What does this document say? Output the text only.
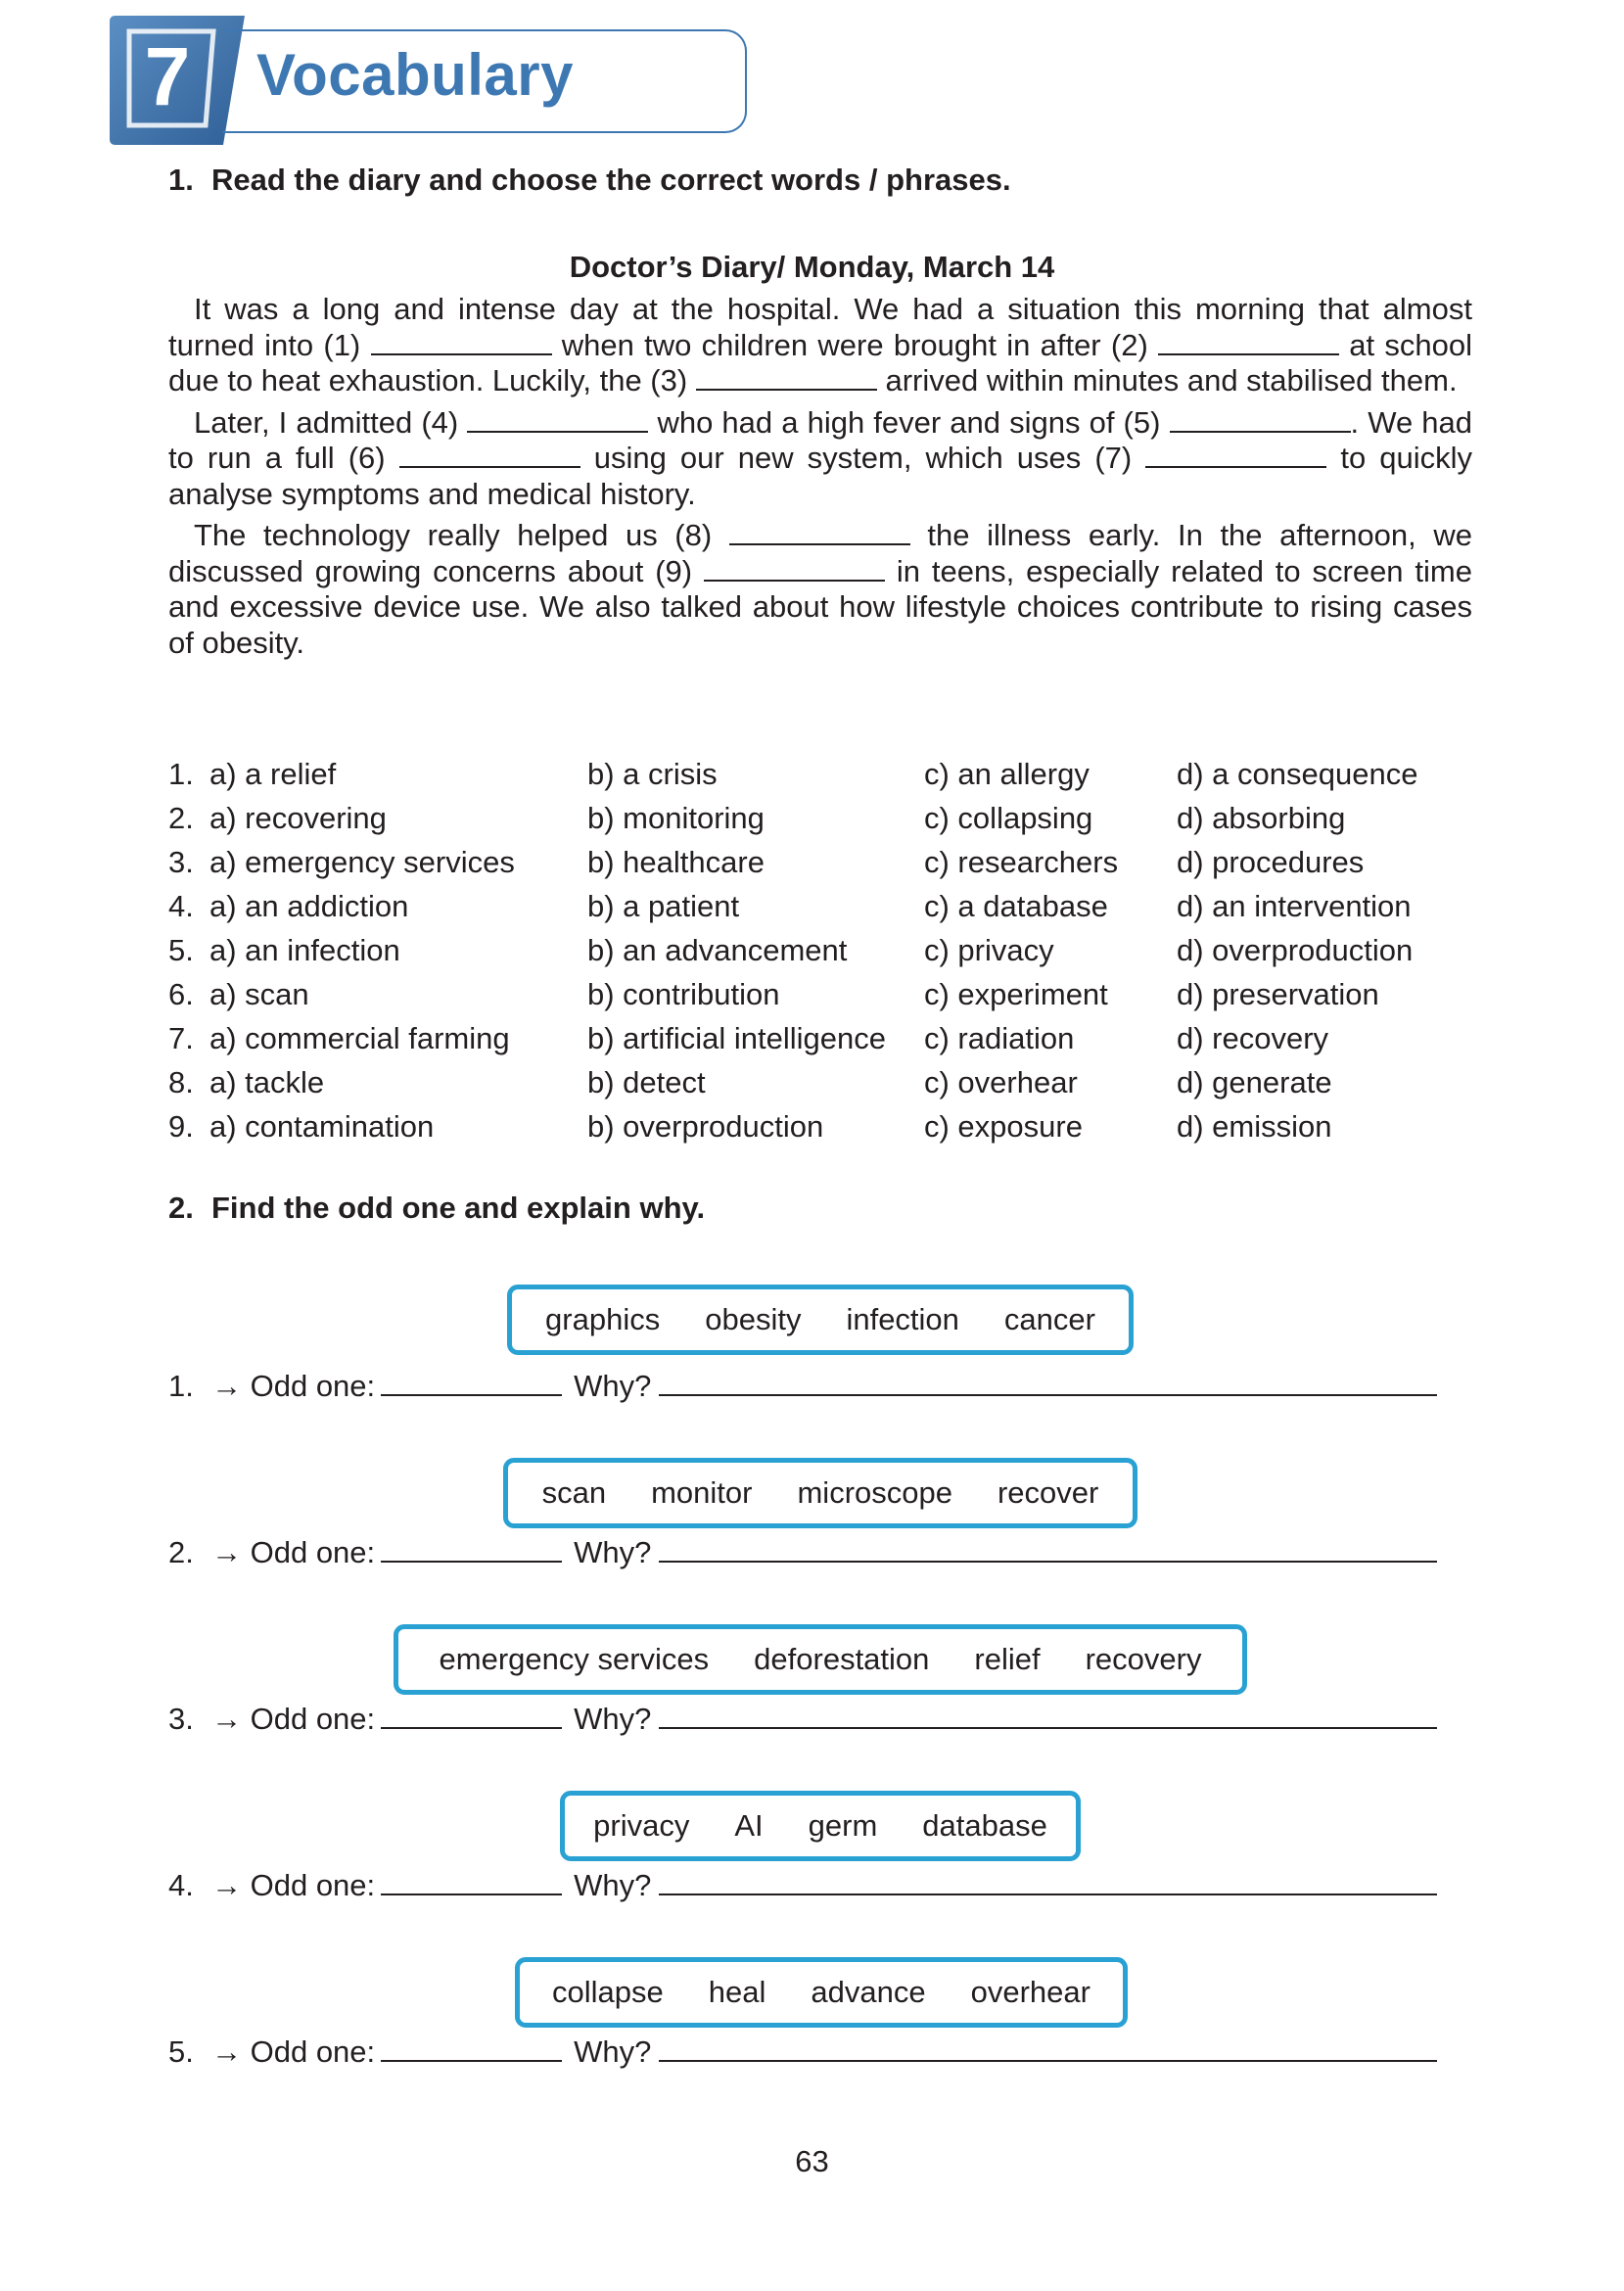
7 Vocabulary
1. Read the diary and choose the correct words / phrases.
Doctor’s Diary/ Monday, March 14

It was a long and intense day at the hospital. We had a situation this morning that almost turned into (1)	when two children were brought in after (2)	at school due to heat exhaustion. Luckily, the (3)	arrived within minutes and stabilised them.

Later, I admitted (4)	who had a high fever and signs of (5)	. We had to run a full (6)	using our new system, which uses (7)	to quickly analyse symptoms and medical history.

The technology really helped us (8)	the illness early. In the afternoon, we discussed growing concerns about (9)	in teens, especially related to screen time and excessive device use. We also talked about how lifestyle choices contribute to rising cases of obesity.

1. a) a relief	b) a crisis	c) an allergy	d) a consequence
2. a) recovering	b) monitoring	c) collapsing	d) absorbing
3. a) emergency services	b) healthcare	c) researchers	d) procedures
4. a) an addiction	b) a patient	c) a database	d) an intervention
5. a) an infection	b) an advancement	c) privacy	d) overproduction
6. a) scan	b) contribution	c) experiment	d) preservation
7. a) commercial farming	b) artificial intelligence	c) radiation	d) recovery
8. a) tackle	b) detect	c) overhear	d) generate
9. a) contamination	b) overproduction	c) exposure	d) emission
2. Find the odd one and explain why.
graphics obesity infection cancer
1. → Odd one:	Why?
scan monitor microscope recover
2. → Odd one:	Why?
emergency services deforestation relief recovery
3. → Odd one:	Why?
privacy AI germ database
4. → Odd one:	Why?
collapse heal advance overhear
5. → Odd one:	Why?
63
